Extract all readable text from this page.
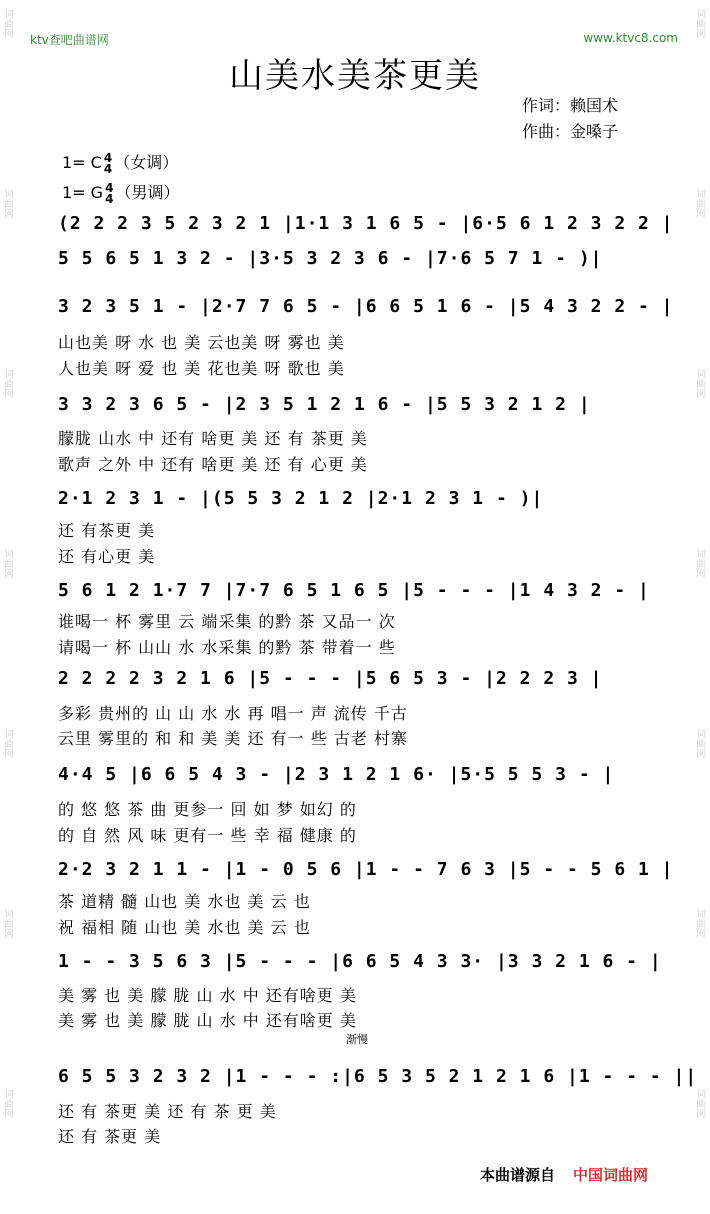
ktv查吧曲谱网	www.ktvc8.com
山美水美茶更美
作词：赖国术
作曲：金嗓子
1= C 4
4 （女调）
1= G 4
4 （男调）
(2 2 2 3 5 2 3 2 1 |1·1 3 1 6 5 - |6·5 6 1 2 3 2 2 |
5 5 6 5 1 3 2 - |3·5 3 2 3 6 - |7·6 5 7 1 - )|
3 2 3 5 1 - |2·7 7 6 5 - |6 6 5 1 6 - |5 4 3 2 2 - |
山也美 呀 水 也 美 云也美 呀 雾也 美
人也美 呀 爱 也 美 花也美 呀 歌也 美
3 3 2 3 6 5 - |2 3 5 1 2 1 6 - |5 5 3 2 1 2 |
朦胧 山水 中 还有 啥更 美 还 有 茶更 美
歌声 之外 中 还有 啥更 美 还 有 心更 美
2·1 2 3 1 - |(5 5 3 2 1 2 |2·1 2 3 1 - )|
还 有茶更 美
还 有心更 美
5 6 1 2 1·7 7 |7·7 6 5 1 6 5 |5 - - - |1 4 3 2 - |
谁喝一 杯 雾里 云 端采集 的黔 茶 又品一 次
请喝一 杯 山山 水 水采集 的黔 茶 带着一 些
2 2 2 2 3 2 1 6 |5 - - - |5 6 5 3 - |2 2 2 3 |
多彩 贵州的 山 山 水 水 再 唱一 声 流传 千古
云里 雾里的 和 和 美 美 还 有一 些 古老 村寨
4·4 5 |6 6 5 4 3 - |2 3 1 2 1 6· |5·5 5 5 3 - |
的 悠 悠 茶 曲 更参一 回 如 梦 如幻 的
的 自 然 风 味 更有一 些 幸 福 健康 的
2·2 3 2 1 1 - |1 - 0 5 6 |1 - - 7 6 3 |5 - - 5 6 1 |
茶 道精 髓 山也 美 水也 美 云 也
祝 福相 随 山也 美 水也 美 云 也
1 - - 3 5 6 3 |5 - - - |6 6 5 4 3 3· |3 3 2 1 6 - |
美 雾 也 美 朦 胧 山 水 中 还有啥更 美
美 雾 也 美 朦 胧 山 水 中 还有啥更 美
渐慢
6 5 5 3 2 3 2 |1 - - - :|6 5 3 5 2 1 2 1 6 |1 - - - ||
还 有 茶更 美 还 有 茶 更 美
还 有 茶更 美
本曲谱源自 中国词曲网
词曲网
词曲网
词曲网
词曲网
词曲网
词曲网
词曲网
词曲网
词曲网
词曲网
词曲网
词曲网
词曲网
词曲网
